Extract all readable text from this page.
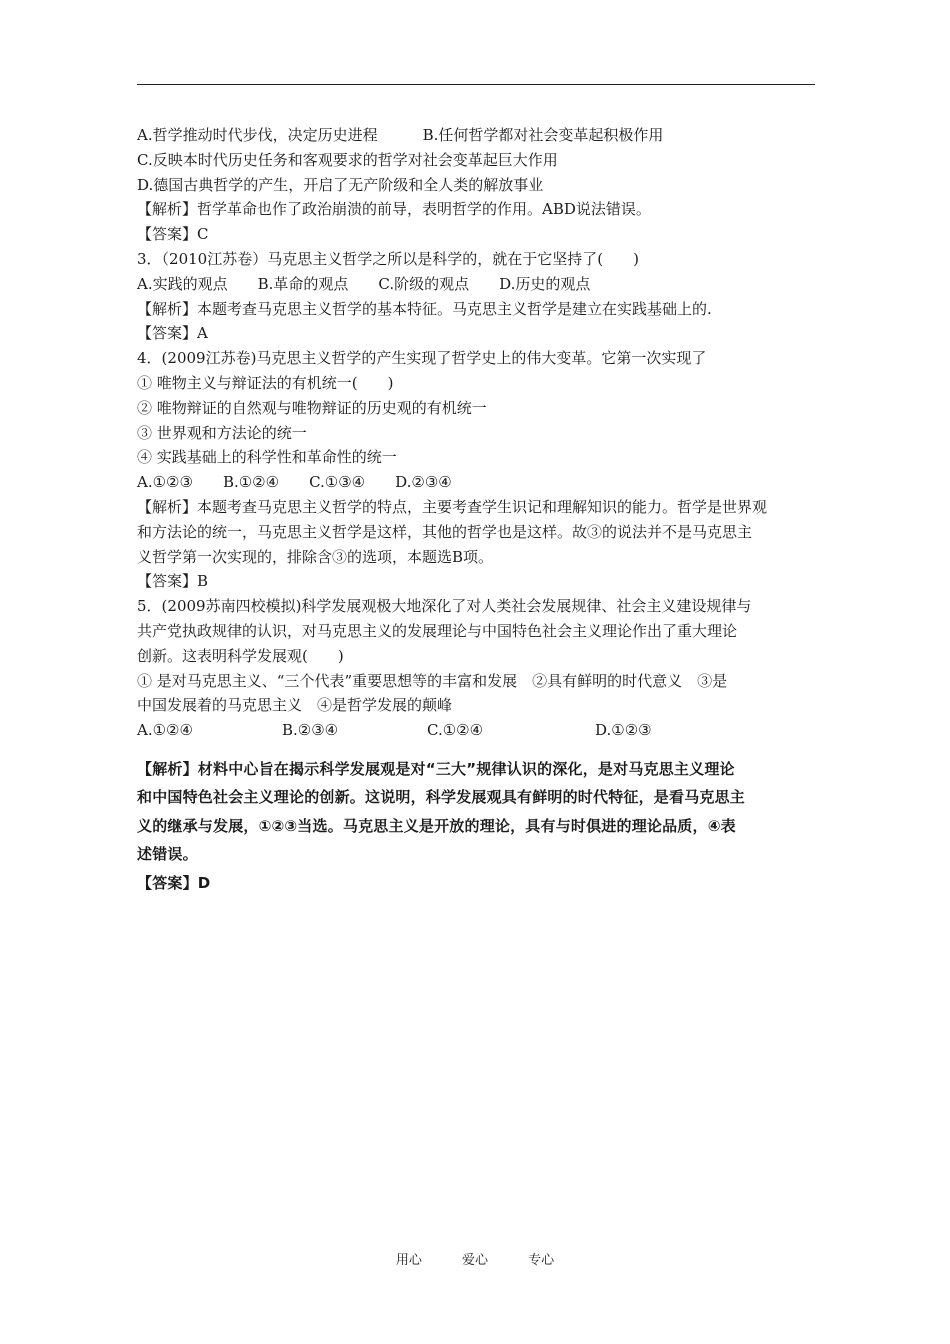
A.哲学推动时代步伐，决定历史进程　　　B.任何哲学都对社会变革起积极作用
C.反映本时代历史任务和客观要求的哲学对社会变革起巨大作用
D.德国古典哲学的产生，开启了无产阶级和全人类的解放事业
【解析】哲学革命也作了政治崩溃的前导，表明哲学的作用。ABD说法错误。
【答案】C
3．（2010江苏卷）马克思主义哲学之所以是科学的，就在于它坚持了(　　)
A.实践的观点　　B.革命的观点　　C.阶级的观点　　D.历史的观点
【解析】本题考查马克思主义哲学的基本特征。马克思主义哲学是建立在实践基础上的.
【答案】A
4．(2009江苏卷)马克思主义哲学的产生实现了哲学史上的伟大变革。它第一次实现了
① 唯物主义与辩证法的有机统一(　　)
② 唯物辩证的自然观与唯物辩证的历史观的有机统一
③ 世界观和方法论的统一
④ 实践基础上的科学性和革命性的统一
A.①②③　　B.①②④　　C.①③④　　D.②③④
【解析】本题考查马克思主义哲学的特点，主要考查学生识记和理解知识的能力。哲学是世界观
和方法论的统一，马克思主义哲学是这样，其他的哲学也是这样。故③的说法并不是马克思主
义哲学第一次实现的，排除含③的选项，本题选B项。
【答案】B
5．(2009苏南四校模拟)科学发展观极大地深化了对人类社会发展规律、社会主义建设规律与
共产党执政规律的认识，对马克思主义的发展理论与中国特色社会主义理论作出了重大理论
创新。这表明科学发展观(　　)
① 是对马克思主义、“三个代表”重要思想等的丰富和发展　②具有鲜明的时代意义　③是
中国发展着的马克思主义　④是哲学发展的颠峰
A.①②④	B.②③④	C.①②④	D.①②③
【解析】材料中心旨在揭示科学发展观是对“三大”规律认识的深化，是对马克思主义理论
和中国特色社会主义理论的创新。这说明，科学发展观具有鲜明的时代特征，是看马克思主
义的继承与发展，①②③当选。马克思主义是开放的理论，具有与时俱进的理论品质，④表
述错误。
【答案】D
用心	爱心	专心
